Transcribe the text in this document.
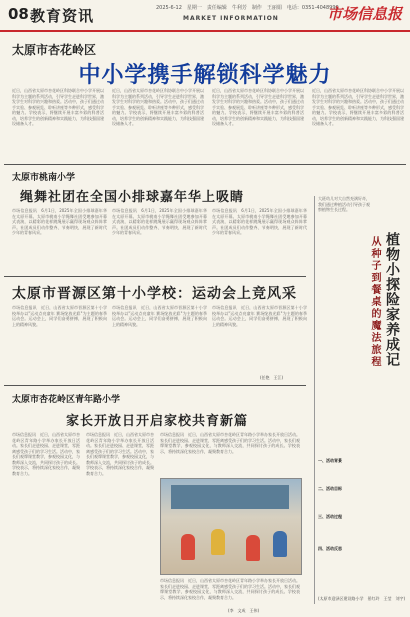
08 教育资讯	2025-6-12　星期一　责任编辑　牛利芳　制作　王丽娟　电话：0351-4048990
MARKET INFORMATION	市场信息报
太原市杏花岭区
中小学携手解锁科学魅力
近日，山西省太原市杏花岭区科协联合中小学开展以科学为主题的系列活动，引导学生走进科学世界，激发学生对科学的兴趣和热爱。活动中，孩子们通过动手实验、参观展览、聆听讲座等多种形式，感受科学的魅力。学校表示，将继续开展丰富多彩的科普活动，培养学生的创新精神和实践能力，为科技强国建设储备人才。
近日，山西省太原市杏花岭区科协联合中小学开展以科学为主题的系列活动，引导学生走进科学世界，激发学生对科学的兴趣和热爱。活动中，孩子们通过动手实验、参观展览、聆听讲座等多种形式，感受科学的魅力。学校表示，将继续开展丰富多彩的科普活动，培养学生的创新精神和实践能力，为科技强国建设储备人才。
近日，山西省太原市杏花岭区科协联合中小学开展以科学为主题的系列活动，引导学生走进科学世界，激发学生对科学的兴趣和热爱。活动中，孩子们通过动手实验、参观展览、聆听讲座等多种形式，感受科学的魅力。学校表示，将继续开展丰富多彩的科普活动，培养学生的创新精神和实践能力，为科技强国建设储备人才。
近日，山西省太原市杏花岭区科协联合中小学开展以科学为主题的系列活动，引导学生走进科学世界，激发学生对科学的兴趣和热爱。活动中，孩子们通过动手实验、参观展览、聆听讲座等多种形式，感受科学的魅力。学校表示，将继续开展丰富多彩的科普活动，培养学生的创新精神和实践能力，为科技强国建设储备人才。
太原市桃南小学
绳舞社团在全国小排球嘉年华上吸睛
市场信息报讯　6月1日，2025年全国小排球嘉年华在太原开幕。太原市桃南小学绳舞社团受邀参加开幕式表演，以精彩的花样跳绳展示赢得现场观众阵阵掌声。社团成员们动作整齐、节奏明快，展现了新时代少年的青春风采。
市场信息报讯　6月1日，2025年全国小排球嘉年华在太原开幕。太原市桃南小学绳舞社团受邀参加开幕式表演，以精彩的花样跳绳展示赢得现场观众阵阵掌声。社团成员们动作整齐、节奏明快，展现了新时代少年的青春风采。
市场信息报讯　6月1日，2025年全国小排球嘉年华在太原开幕。太原市桃南小学绳舞社团受邀参加开幕式表演，以精彩的花样跳绳展示赢得现场观众阵阵掌声。社团成员们动作整齐、节奏明快，展现了新时代少年的青春风采。
太原市晋源区第十小学校：运动会上竞风采
市场信息报讯　近日，山西省太原市晋源区第十小学校举办以"运动点亮童年 赛场绽放光彩"为主题的春季运动会。运动会上，同学们奋勇拼搏，展现了积极向上的精神风貌。
市场信息报讯　近日，山西省太原市晋源区第十小学校举办以"运动点亮童年 赛场绽放光彩"为主题的春季运动会。运动会上，同学们奋勇拼搏，展现了积极向上的精神风貌。
市场信息报讯　近日，山西省太原市晋源区第十小学校举办以"运动点亮童年 赛场绽放光彩"为主题的春季运动会。运动会上，同学们奋勇拼搏，展现了积极向上的精神风貌。
(任艳　王江)
太原市杏花岭区青年路小学
家长开放日开启家校共育新篇
市场信息报讯　近日，山西省太原市杏花岭区青年路小学举办家长开放日活动。家长们走进校园、走进课堂，零距离感受孩子们的学习生活。活动中，家长们观摩课堂教学，参观校园文化，与教师深入交流，共同探讨孩子的成长。学校表示，将持续深化家校合作，凝聚教育合力。
市场信息报讯　近日，山西省太原市杏花岭区青年路小学举办家长开放日活动。家长们走进校园、走进课堂，零距离感受孩子们的学习生活。活动中，家长们观摩课堂教学，参观校园文化，与教师深入交流，共同探讨孩子的成长。学校表示，将持续深化家校合作，凝聚教育合力。
市场信息报讯　近日，山西省太原市杏花岭区青年路小学举办家长开放日活动。家长们走进校园、走进课堂，零距离感受孩子们的学习生活。活动中，家长们观摩课堂教学，参观校园文化，与教师深入交流，共同探讨孩子的成长。学校表示，将持续深化家校合作，凝聚教育合力。
市场信息报讯　近日，山西省太原市杏花岭区青年路小学举办家长开放日活动。家长们走进校园、走进课堂，零距离感受孩子们的学习生活。活动中，家长们观摩课堂教学，参观校园文化，与教师深入交流，共同探讨孩子的成长。学校表示，将持续深化家校合作，凝聚教育合力。
(李　文成　王伟)
大班幼儿对大自然充满好奇，我们通过种植活动引导孩子观察植物生长过程。
植物小探险家养成记
从种子到餐桌的魔法旅程
一、活动背景
二、活动目标
三、活动过程
四、活动反思
(太原市迎泽区建设路小学　景红玲　王莹　刘宇)
